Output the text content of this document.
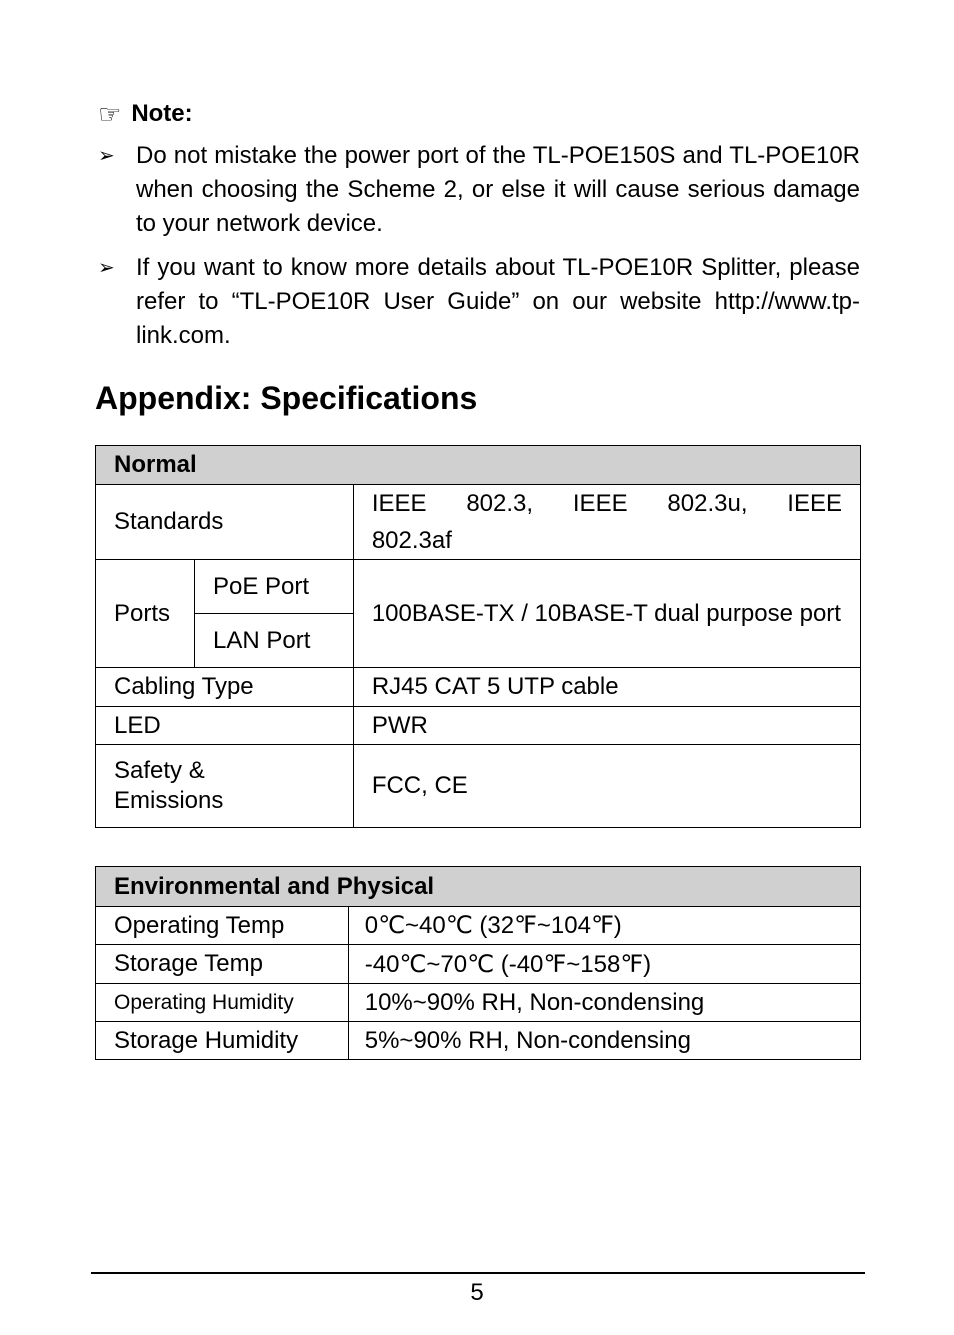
☞ Note:
➢ Do not mistake the power port of the TL-POE150S and TL-POE10R when choosing the Scheme 2, or else it will cause serious damage to your network device.
➢ If you want to know more details about TL-POE10R Splitter, please refer to “TL-POE10R User Guide” on our website http://www.tp-link.com.
Appendix: Specifications
Normal		
Standards		IEEE 802.3, IEEE 802.3u, IEEE
802.3af

Ports	PoE Port	100BASE-TX / 10BASE-T dual purpose port
	LAN Port	
Cabling Type		RJ45 CAT 5 UTP cable
LED		PWR

Safety &
Emissions		FCC, CE
Environmental and Physical	
Operating Temp	0℃~40℃ (32℉~104℉)
Storage Temp	-40℃~70℃ (-40℉~158℉)
Operating Humidity	10%~90% RH, Non-condensing
Storage Humidity	5%~90% RH, Non-condensing
5
